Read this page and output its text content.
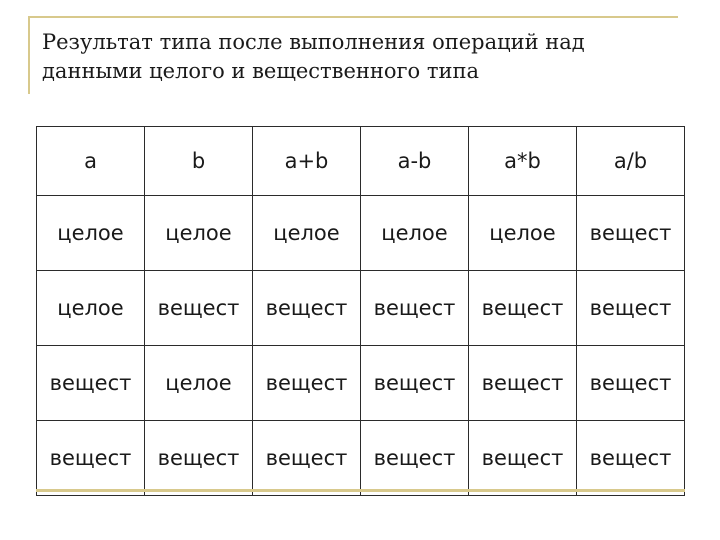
Результат типа после выполнения операций над
данными целого и вещественного типа
a	b	a+b	a-b	a*b	a/b
целое	целое	целое	целое	целое	вещест
целое	вещест	вещест	вещест	вещест	вещест
вещест	целое	вещест	вещест	вещест	вещест
вещест	вещест	вещест	вещест	вещест	вещест
